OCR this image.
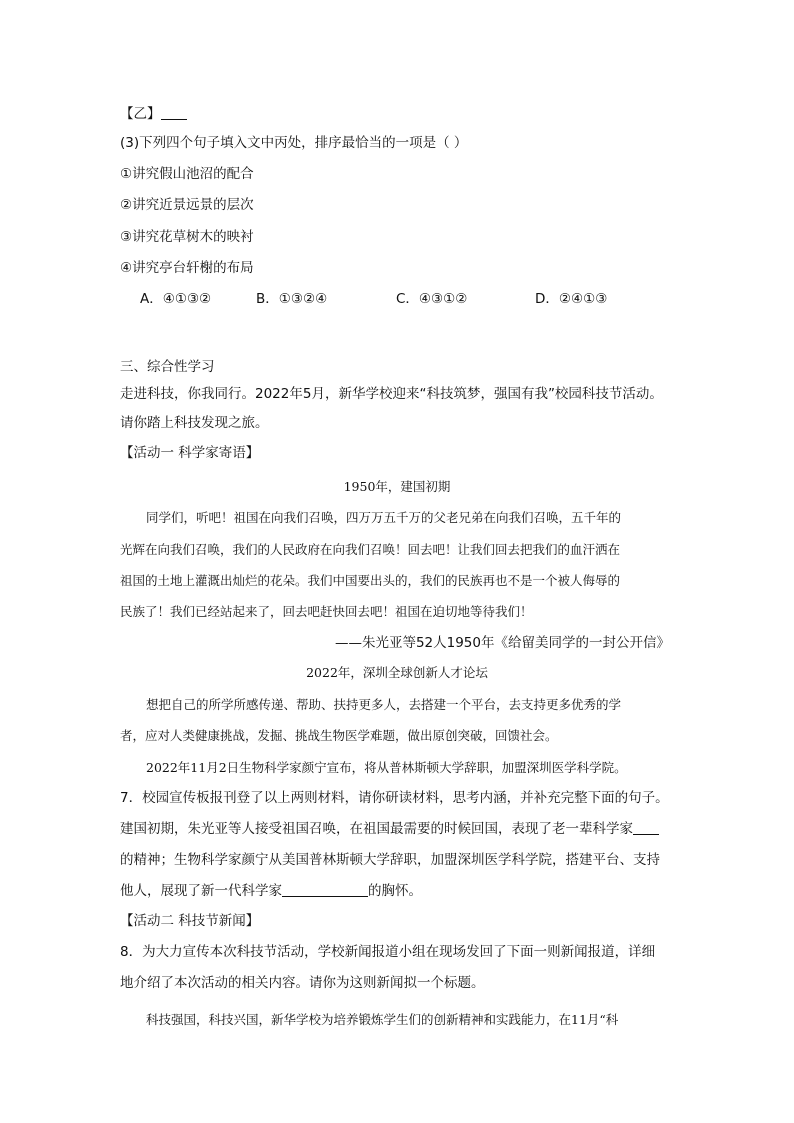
【乙】
(3)下列四个句子填入文中丙处，排序最恰当的一项是（ ）
①讲究假山池沼的配合
②讲究近景远景的层次
③讲究花草树木的映衬
④讲究亭台轩榭的布局
A．④①③②	B．①③②④	C．④③①②	D．②④①③
三、综合性学习
走进科技，你我同行。2022年5月，新华学校迎来“科技筑梦，强国有我”校园科技节活动。
请你踏上科技发现之旅。
【活动一 科学家寄语】
1950年，建国初期
同学们，听吧！祖国在向我们召唤，四万万五千万的父老兄弟在向我们召唤，五千年的
光辉在向我们召唤，我们的人民政府在向我们召唤！回去吧！让我们回去把我们的血汗洒在
祖国的土地上灌溉出灿烂的花朵。我们中国要出头的，我们的民族再也不是一个被人侮辱的
民族了！我们已经站起来了，回去吧赶快回去吧！祖国在迫切地等待我们！
——朱光亚等52人1950年《给留美同学的一封公开信》
2022年，深圳全球创新人才论坛
想把自己的所学所感传递、帮助、扶持更多人，去搭建一个平台，去支持更多优秀的学
者，应对人类健康挑战，发掘、挑战生物医学难题，做出原创突破，回馈社会。
2022年11月2日生物科学家颜宁宣布，将从普林斯顿大学辞职，加盟深圳医学科学院。
7．校园宣传板报刊登了以上两则材料，请你研读材料，思考内涵，并补充完整下面的句子。
建国初期，朱光亚等人接受祖国召唤，在祖国最需要的时候回国，表现了老一辈科学家
的精神；生物科学家颜宁从美国普林斯顿大学辞职，加盟深圳医学科学院，搭建平台、支持
他人，展现了新一代科学家	的胸怀。
【活动二 科技节新闻】
8．为大力宣传本次科技节活动，学校新闻报道小组在现场发回了下面一则新闻报道，详细
地介绍了本次活动的相关内容。请你为这则新闻拟一个标题。
科技强国，科技兴国，新华学校为培养锻炼学生们的创新精神和实践能力，在11月“科
